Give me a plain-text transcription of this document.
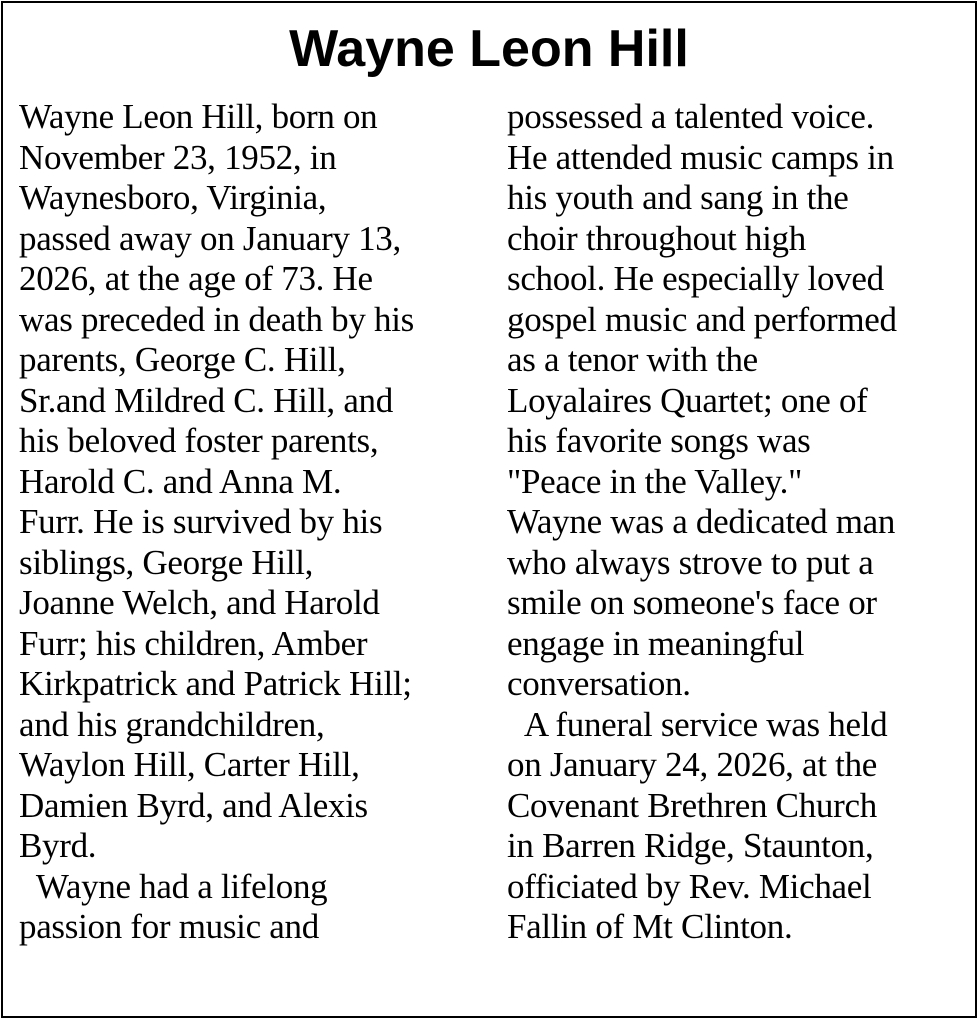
Wayne Leon Hill
Wayne Leon Hill, born on
November 23, 1952, in
Waynesboro, Virginia,
passed away on January 13,
2026, at the age of 73. He
was preceded in death by his
parents, George C. Hill,
Sr.and Mildred C. Hill, and
his beloved foster parents,
Harold C. and Anna M.
Furr. He is survived by his
siblings, George Hill,
Joanne Welch, and Harold
Furr; his children, Amber
Kirkpatrick and Patrick Hill;
and his grandchildren,
Waylon Hill, Carter Hill,
Damien Byrd, and Alexis
Byrd.
Wayne had a lifelong
passion for music and
possessed a talented voice.
He attended music camps in
his youth and sang in the
choir throughout high
school. He especially loved
gospel music and performed
as a tenor with the
Loyalaires Quartet; one of
his favorite songs was
"Peace in the Valley."
Wayne was a dedicated man
who always strove to put a
smile on someone's face or
engage in meaningful
conversation.
A funeral service was held
on January 24, 2026, at the
Covenant Brethren Church
in Barren Ridge, Staunton,
officiated by Rev. Michael
Fallin of Mt Clinton.
